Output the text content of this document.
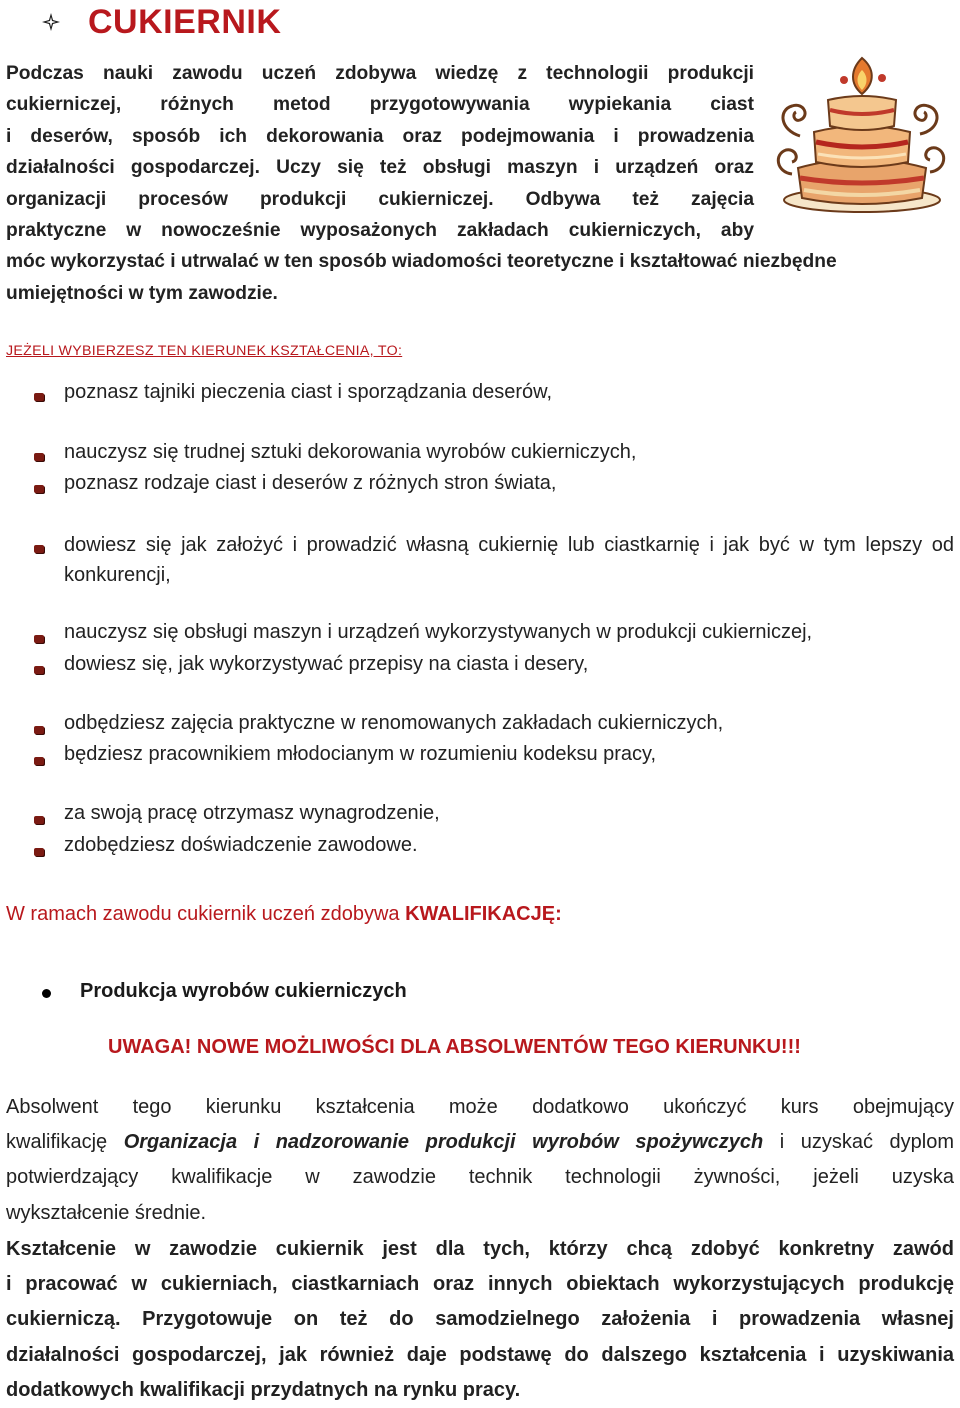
CUKIERNIK
Podczas nauki zawodu uczeń zdobywa wiedzę z technologii produkcji
cukierniczej, różnych metod przygotowywania wypiekania ciast
i deserów, sposób ich dekorowania oraz podejmowania i prowadzenia
działalności gospodarczej. Uczy się też obsługi maszyn i urządzeń oraz
organizacji procesów produkcji cukierniczej. Odbywa też zajęcia
praktyczne w nowocześnie wyposażonych zakładach cukierniczych, aby
móc wykorzystać i utrwalać w ten sposób wiadomości teoretyczne i kształtować niezbędne
umiejętności w tym zawodzie.
JEŻELI WYBIERZESZ TEN KIERUNEK KSZTAŁCENIA, TO:
poznasz tajniki pieczenia ciast i sporządzania deserów,
nauczysz się trudnej sztuki dekorowania wyrobów cukierniczych,
poznasz rodzaje ciast i deserów z różnych stron świata,
dowiesz się jak założyć i prowadzić własną cukiernię lub ciastkarnię i jak być w tym lepszy od konkurencji,
nauczysz się obsługi maszyn i urządzeń wykorzystywanych w produkcji cukierniczej,
dowiesz się, jak wykorzystywać przepisy na ciasta i desery,
odbędziesz zajęcia praktyczne w renomowanych zakładach cukierniczych,
będziesz pracownikiem młodocianym w rozumieniu kodeksu pracy,
za swoją pracę otrzymasz wynagrodzenie,
zdobędziesz doświadczenie zawodowe.
W ramach zawodu cukiernik uczeń zdobywa KWALIFIKACJĘ:
Produkcja wyrobów cukierniczych
UWAGA! NOWE MOŻLIWOŚCI DLA ABSOLWENTÓW TEGO KIERUNKU!!!
Absolwent tego kierunku kształcenia może dodatkowo ukończyć kurs obejmujący
kwalifikację Organizacja i nadzorowanie produkcji wyrobów spożywczych i uzyskać dyplom
potwierdzający kwalifikacje w zawodzie technik technologii żywności, jeżeli uzyska
wykształcenie średnie.
Kształcenie w zawodzie cukiernik jest dla tych, którzy chcą zdobyć konkretny zawód
i pracować w cukierniach, ciastkarniach oraz innych obiektach wykorzystujących produkcję
cukierniczą. Przygotowuje on też do samodzielnego założenia i prowadzenia własnej
działalności gospodarczej, jak również daje podstawę do dalszego kształcenia i uzyskiwania
dodatkowych kwalifikacji przydatnych na rynku pracy.
